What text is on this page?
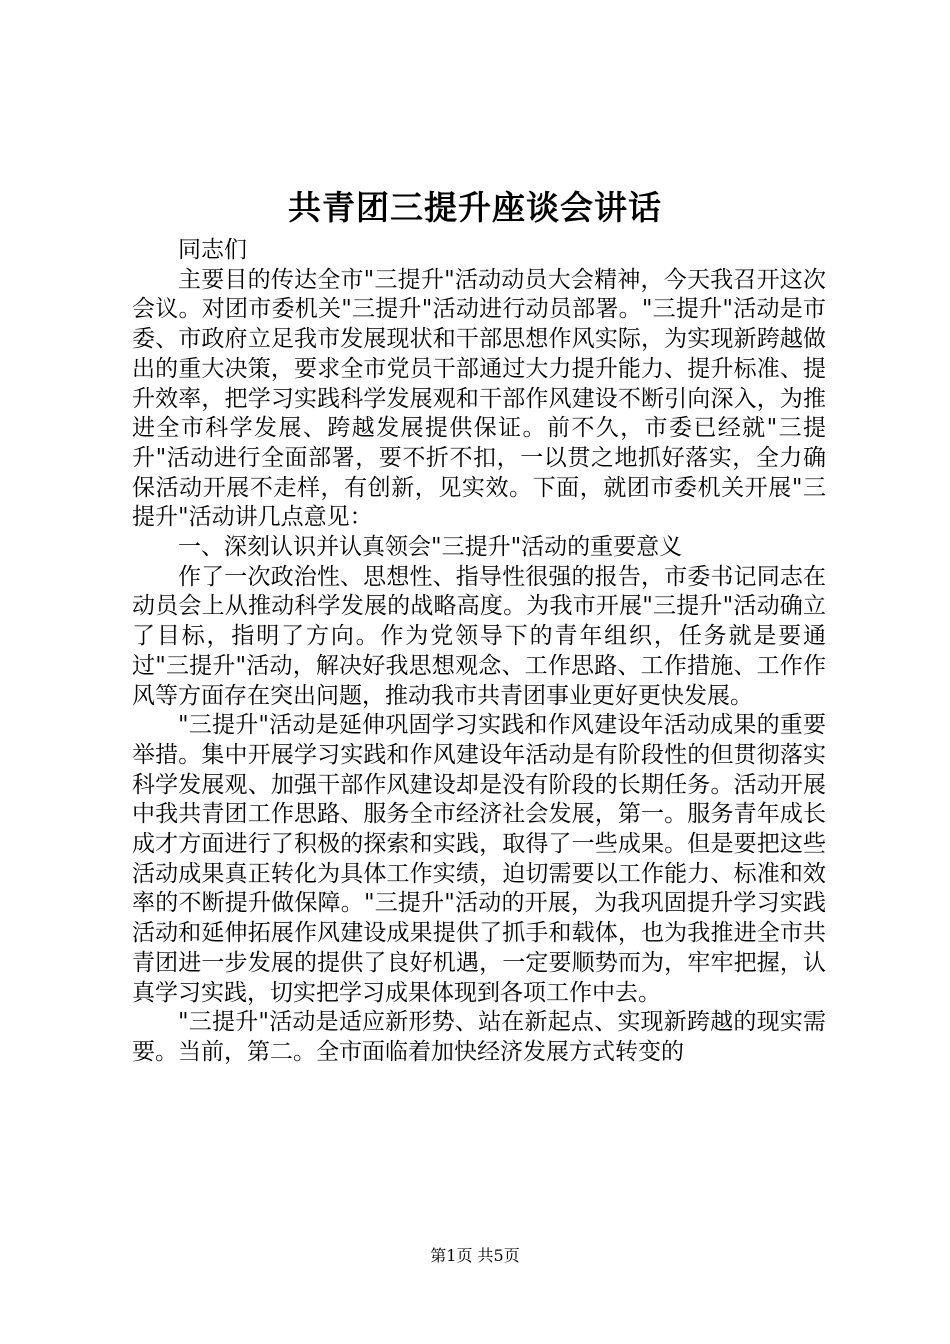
共青团三提升座谈会讲话

同志们

主要目的传达全市"三提升"活动动员大会精神，今天我召开这次会议。对团市委机关"三提升"活动进行动员部署。"三提升"活动是市委、市政府立足我市发展现状和干部思想作风实际，为实现新跨越做出的重大决策，要求全市党员干部通过大力提升能力、提升标准、提升效率，把学习实践科学发展观和干部作风建设不断引向深入，为推进全市科学发展、跨越发展提供保证。前不久，市委已经就"三提升"活动进行全面部署，要不折不扣，一以贯之地抓好落实，全力确保活动开展不走样，有创新，见实效。下面，就团市委机关开展"三提升"活动讲几点意见：

一、深刻认识并认真领会"三提升"活动的重要意义

作了一次政治性、思想性、指导性很强的报告，市委书记同志在动员会上从推动科学发展的战略高度。为我市开展"三提升"活动确立了目标，指明了方向。作为党领导下的青年组织，任务就是要通过"三提升"活动，解决好我思想观念、工作思路、工作措施、工作作风等方面存在突出问题，推动我市共青团事业更好更快发展。

"三提升"活动是延伸巩固学习实践和作风建设年活动成果的重要举措。集中开展学习实践和作风建设年活动是有阶段性的但贯彻落实科学发展观、加强干部作风建设却是没有阶段的长期任务。活动开展中我共青团工作思路、服务全市经济社会发展，第一。服务青年成长成才方面进行了积极的探索和实践，取得了一些成果。但是要把这些活动成果真正转化为具体工作实绩，迫切需要以工作能力、标准和效率的不断提升做保障。"三提升"活动的开展，为我巩固提升学习实践活动和延伸拓展作风建设成果提供了抓手和载体，也为我推进全市共青团进一步发展的提供了良好机遇，一定要顺势而为，牢牢把握，认真学习实践，切实把学习成果体现到各项工作中去。

"三提升"活动是适应新形势、站在新起点、实现新跨越的现实需要。当前，第二。全市面临着加快经济发展方式转变的

第1页 共5页
